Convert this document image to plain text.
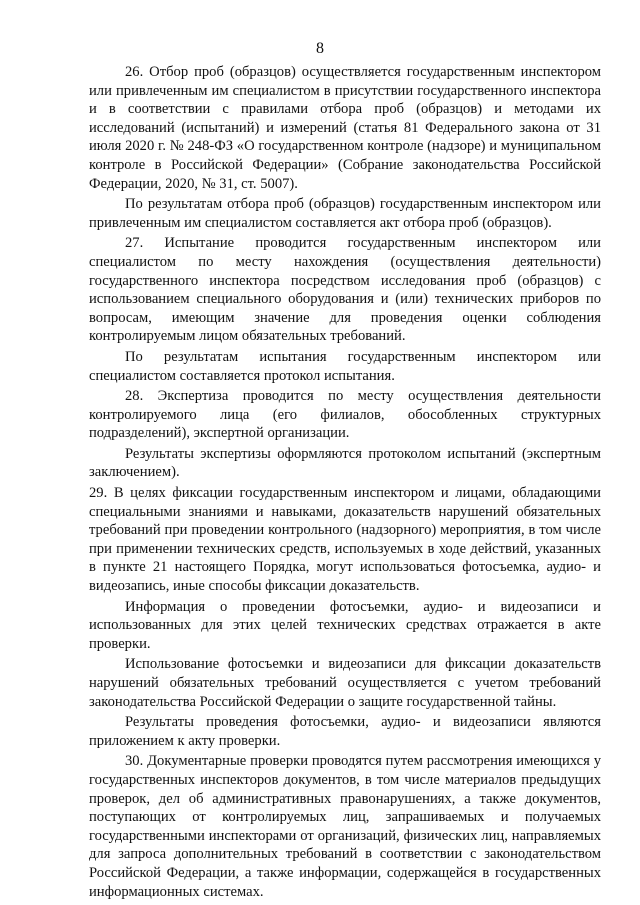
8

26. Отбор проб (образцов) осуществляется государственным инспектором или привлеченным им специалистом в присутствии государственного инспектора и в соответствии с правилами отбора проб (образцов) и методами их исследований (испытаний) и измерений (статья 81 Федерального закона от 31 июля 2020 г. № 248-ФЗ «О государственном контроле (надзоре) и муниципальном контроле в Российской Федерации» (Собрание законодательства Российской Федерации, 2020, № 31, ст. 5007).

По результатам отбора проб (образцов) государственным инспектором или привлеченным им специалистом составляется акт отбора проб (образцов).

27. Испытание проводится государственным инспектором или специалистом по месту нахождения (осуществления деятельности) государственного инспектора посредством исследования проб (образцов) с использованием специального оборудования и (или) технических приборов по вопросам, имеющим значение для проведения оценки соблюдения контролируемым лицом обязательных требований.

По результатам испытания государственным инспектором или специалистом составляется протокол испытания.

28. Экспертиза проводится по месту осуществления деятельности контролируемого лица (его филиалов, обособленных структурных подразделений), экспертной организации.

Результаты экспертизы оформляются протоколом испытаний (экспертным заключением).

29. В целях фиксации государственным инспектором и лицами, обладающими специальными знаниями и навыками, доказательств нарушений обязательных требований при проведении контрольного (надзорного) мероприятия, в том числе при применении технических средств, используемых в ходе действий, указанных в пункте 21 настоящего Порядка, могут использоваться фотосъемка, аудио- и видеозапись, иные способы фиксации доказательств.

Информация о проведении фотосъемки, аудио- и видеозаписи и использованных для этих целей технических средствах отражается в акте проверки.

Использование фотосъемки и видеозаписи для фиксации доказательств нарушений обязательных требований осуществляется с учетом требований законодательства Российской Федерации о защите государственной тайны.

Результаты проведения фотосъемки, аудио- и видеозаписи являются приложением к акту проверки.

30. Документарные проверки проводятся путем рассмотрения имеющихся у государственных инспекторов документов, в том числе материалов предыдущих проверок, дел об административных правонарушениях, а также документов, поступающих от контролируемых лиц, запрашиваемых и получаемых государственными инспекторами от организаций, физических лиц, направляемых для запроса дополнительных требований в соответствии с законодательством Российской Федерации, а также информации, содержащейся в государственных информационных системах.
